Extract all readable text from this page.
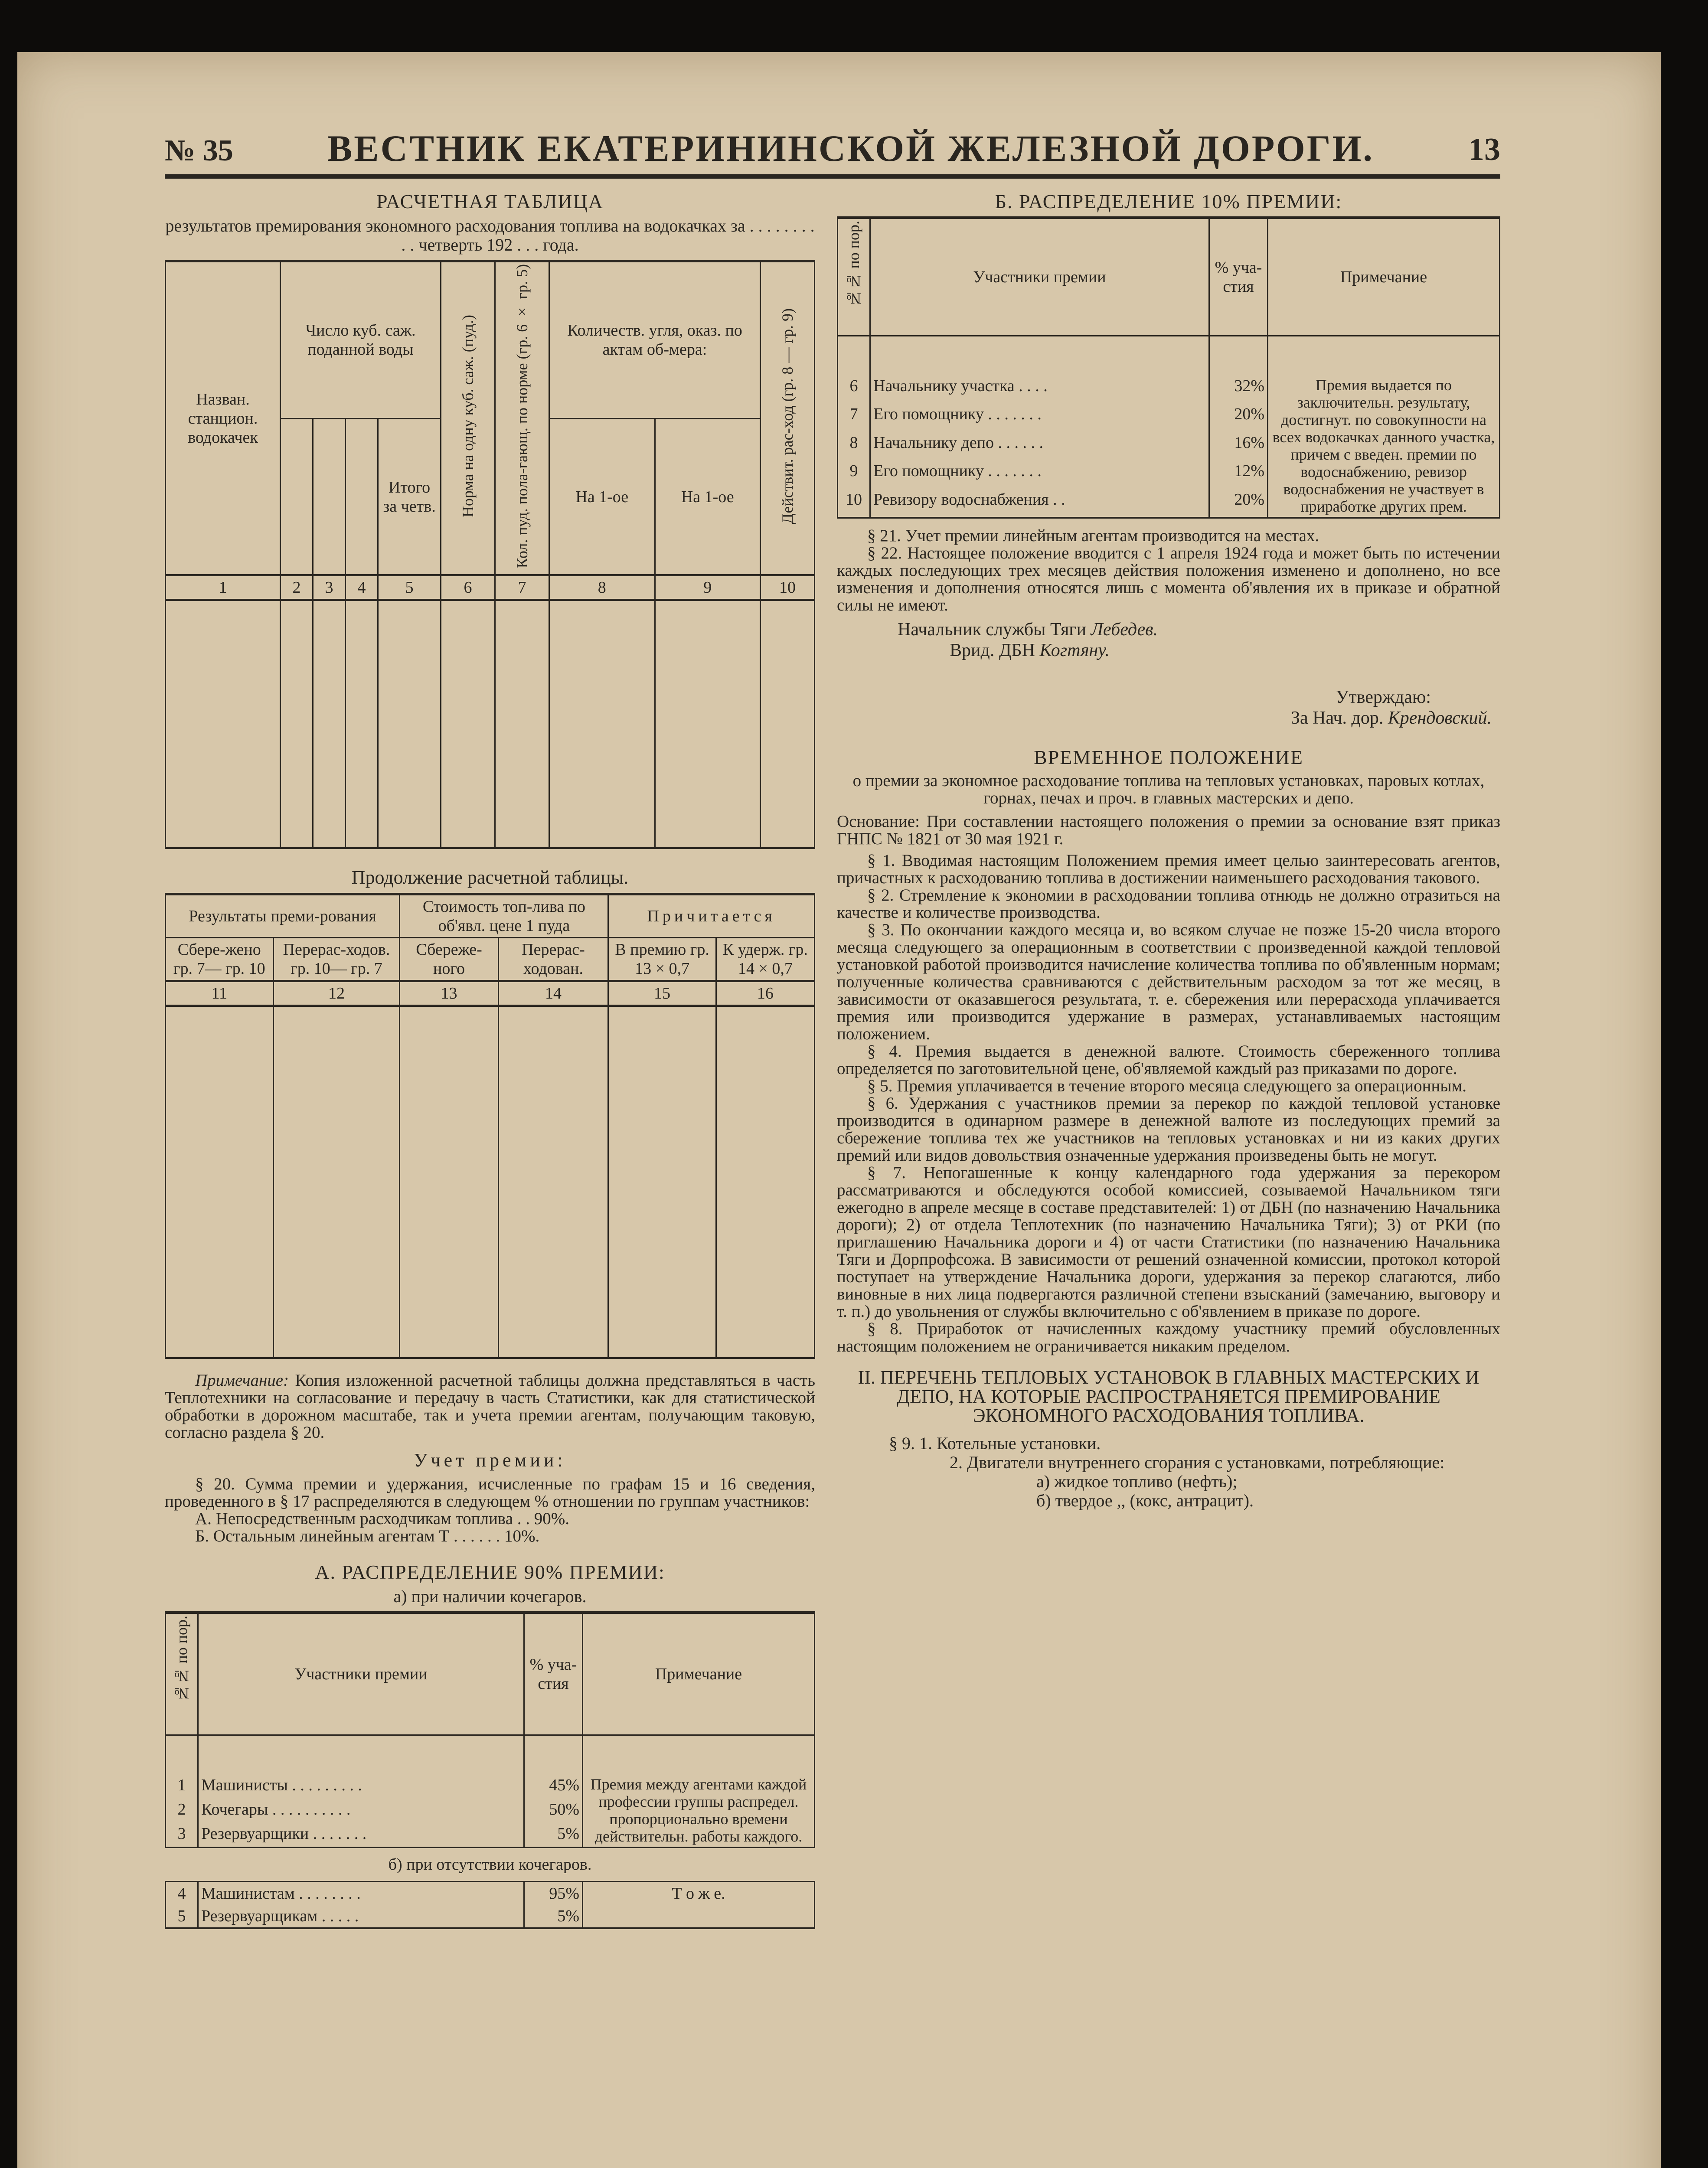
№ 35	ВЕСТНИК ЕКАТЕРИНИНСКОЙ ЖЕЛЕЗНОЙ ДОРОГИ.	13
РАСЧЕТНАЯ ТАБЛИЦА
результатов премирования экономного расходования топлива на водокачках за . . . . . . . . . . четверть 192 . . . года.
Назван. станцион. водокачек	Число куб. саж. поданной воды				Норма на одну куб. саж. (пуд.)	Кол. пуд. пола-гающ. по норме (гр. 6 × гр. 5)	Количеств. угля, оказ. по актам об-мера:		Действит. рас-ход (гр. 8 — гр. 9)
				Итого за четв.			На 1-ое	На 1-ое	
1	2	3	4	5	6	7	8	9	10

Продолжение расчетной таблицы.
Результаты преми-рования		Стоимость топ-лива по об'явл. цене 1 пуда		Причитается	
Сбере-жено гр. 7— гр. 10	Перерас-ходов. гр. 10— гр. 7	Сбереже-ного	Перерас-ходован.	В премию гр. 13 × 0,7	К удерж. гр. 14 × 0,7
11	12	13	14	15	16

Примечание: Копия изложенной расчетной таблицы должна представляться в часть Теплотехники на согласование и передачу в часть Статистики, как для статистической обработки в дорожном масштабе, так и учета премии агентам, получающим таковую, согласно раздела § 20.

Учет премии:

§ 20. Сумма премии и удержания, исчисленные по графам 15 и 16 сведения, проведенного в § 17 распределяются в следующем % отношении по группам участников:

А. Непосредственным расходчикам топлива . . 90%.

Б. Остальным линейным агентам Т . . . . . . 10%.

А. РАСПРЕДЕЛЕНИЕ 90% ПРЕМИИ:
а) при наличии кочегаров.
№№ по пор.	Участники премии	% уча-стия	Примечание

1	Машинисты . . . . . . . . .	45%	Премия между агентами каждой профессии группы распредел. пропорционально времени действительн. работы каждого.
2	Кочегары . . . . . . . . . .	50%	
3	Резервуарщики . . . . . . .	5%	
б) при отсутствии кочегаров.			
4	Машинистам . . . . . . . .	95%	Т о ж е.
5	Резервуарщикам . . . . .	5%	
Б. РАСПРЕДЕЛЕНИЕ 10% ПРЕМИИ:
№№ по пор.	Участники премии	% уча-стия	Примечание

6	Начальнику участка . . . .	32%	Премия выдается по заключительн. результату, достигнут. по совокупности на всех водокачках данного участка, причем с введен. премии по водоснабжению, ревизор водоснабжения не участвует в приработке других прем.
7	Его помощнику . . . . . . .	20%	
8	Начальнику депо . . . . . .	16%	
9	Его помощнику . . . . . . .	12%	
10	Ревизору водоснабжения . .	20%	

§ 21. Учет премии линейным агентам производится на местах.

§ 22. Настоящее положение вводится с 1 апреля 1924 года и может быть по истечении каждых последующих трех месяцев действия положения изменено и дополнено, но все изменения и дополнения относятся лишь с момента об'явления их в приказе и обратной силы не имеют.

Начальник службы Тяги Лебедев.
Врид. ДБН Когтяну.
Утверждаю:
За Нач. дор. Крендовский.
ВРЕМЕННОЕ ПОЛОЖЕНИЕ

о премии за экономное расходование топлива на тепловых установках, паровых котлах, горнах, печах и проч. в главных мастерских и депо.

Основание: При составлении настоящего положения о премии за основание взят приказ ГНПС № 1821 от 30 мая 1921 г.

§ 1. Вводимая настоящим Положением премия имеет целью заинтересовать агентов, причастных к расходованию топлива в достижении наименьшего расходования такового.

§ 2. Стремление к экономии в расходовании топлива отнюдь не должно отразиться на качестве и количестве производства.

§ 3. По окончании каждого месяца и, во всяком случае не позже 15-20 числа второго месяца следующего за операционным в соответствии с произведенной каждой тепловой установкой работой производится начисление количества топлива по об'явленным нормам; полученные количества сравниваются с действительным расходом за тот же месяц, в зависимости от оказавшегося результата, т. е. сбережения или перерасхода уплачивается премия или производится удержание в размерах, устанавливаемых настоящим положением.

§ 4. Премия выдается в денежной валюте. Стоимость сбереженного топлива определяется по заготовительной цене, об'являемой каждый раз приказами по дороге.

§ 5. Премия уплачивается в течение второго месяца следующего за операционным.

§ 6. Удержания с участников премии за перекор по каждой тепловой установке производится в одинарном размере в денежной валюте из последующих премий за сбережение топлива тех же участников на тепловых установках и ни из каких других премий или видов довольствия означенные удержания произведены быть не могут.

§ 7. Непогашенные к концу календарного года удержания за перекором рассматриваются и обследуются особой комиссией, созываемой Начальником тяги ежегодно в апреле месяце в составе представителей: 1) от ДБН (по назначению Начальника дороги); 2) от отдела Теплотехник (по назначению Начальника Тяги); 3) от РКИ (по приглашению Начальника дороги и 4) от части Статистики (по назначению Начальника Тяги и Дорпрофсожа. В зависимости от решений означенной комиссии, протокол которой поступает на утверждение Начальника дороги, удержания за перекор слагаются, либо виновные в них лица подвергаются различной степени взысканий (замечанию, выговору и т. п.) до увольнения от службы включительно с об'явлением в приказе по дороге.

§ 8. Приработок от начисленных каждому участнику премий обусловленных настоящим положением не ограничивается никаким пределом.

II. ПЕРЕЧЕНЬ ТЕПЛОВЫХ УСТАНОВОК В ГЛАВНЫХ МАСТЕРСКИХ И ДЕПО, НА КОТОРЫЕ РАСПРОСТРАНЯЕТСЯ ПРЕМИРОВАНИЕ ЭКОНОМНОГО РАСХОДОВАНИЯ ТОПЛИВА.

§ 9. 1. Котельные установки.

2. Двигатели внутреннего сгорания с установками, потребляющие:

а) жидкое топливо (нефть);

б) твердое ,, (кокс, антрацит).
